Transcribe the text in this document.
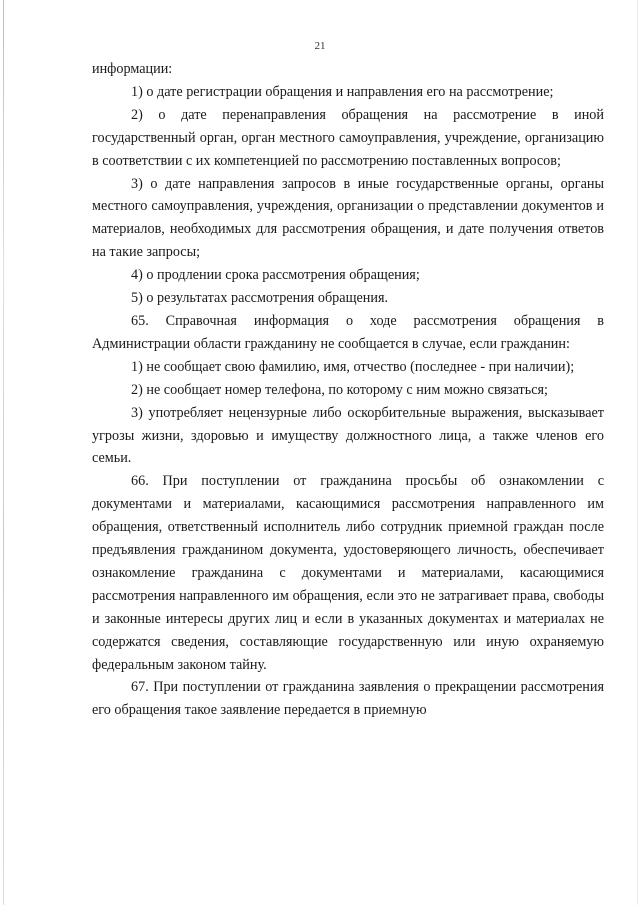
21

информации:

1) о дате регистрации обращения и направления его на рассмотрение;

2) о дате перенаправления обращения на рассмотрение в иной государственный орган, орган местного самоуправления, учреждение, организацию в соответствии с их компетенцией по рассмотрению поставленных вопросов;

3) о дате направления запросов в иные государственные органы, органы местного самоуправления, учреждения, организации о представлении документов и материалов, необходимых для рассмотрения обращения, и дате получения ответов на такие запросы;

4) о продлении срока рассмотрения обращения;

5) о результатах рассмотрения обращения.

65. Справочная информация о ходе рассмотрения обращения в Администрации области гражданину не сообщается в случае, если гражданин:

1) не сообщает свою фамилию, имя, отчество (последнее - при наличии);

2) не сообщает номер телефона, по которому с ним можно связаться;

3) употребляет нецензурные либо оскорбительные выражения, высказывает угрозы жизни, здоровью и имуществу должностного лица, а также членов его семьи.

66. При поступлении от гражданина просьбы об ознакомлении с документами и материалами, касающимися рассмотрения направленного им обращения, ответственный исполнитель либо сотрудник приемной граждан после предъявления гражданином документа, удостоверяющего личность, обеспечивает ознакомление гражданина с документами и материалами, касающимися рассмотрения направленного им обращения, если это не затрагивает права, свободы и законные интересы других лиц и если в указанных документах и материалах не содержатся сведения, составляющие государственную или иную охраняемую федеральным законом тайну.

67. При поступлении от гражданина заявления о прекращении рассмотрения его обращения такое заявление передается в приемную
